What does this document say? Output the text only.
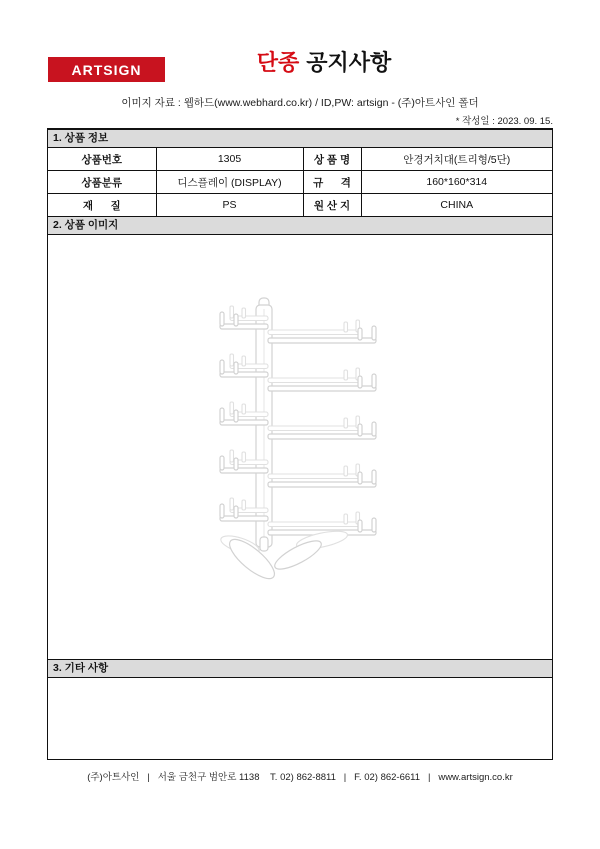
ARTSIGN	단종 공지사항
이미지 자료 : 웹하드(www.webhard.co.kr) / ID,PW: artsign - (주)아트사인 폴더
* 작성일 : 2023. 09. 15.
1. 상품 정보
상품번호	1305	상 품 명	안경거치대(트리형/5단)
상품분류	디스플레이 (DISPLAY)	규      격	160*160*314
재      질	PS	원 산 지	CHINA
2. 상품 이미지
3. 기타 사항
(주)아트사인   |   서울 금천구 범안로 1138    T. 02) 862-8811   |   F. 02) 862-6611   |   www.artsign.co.kr
